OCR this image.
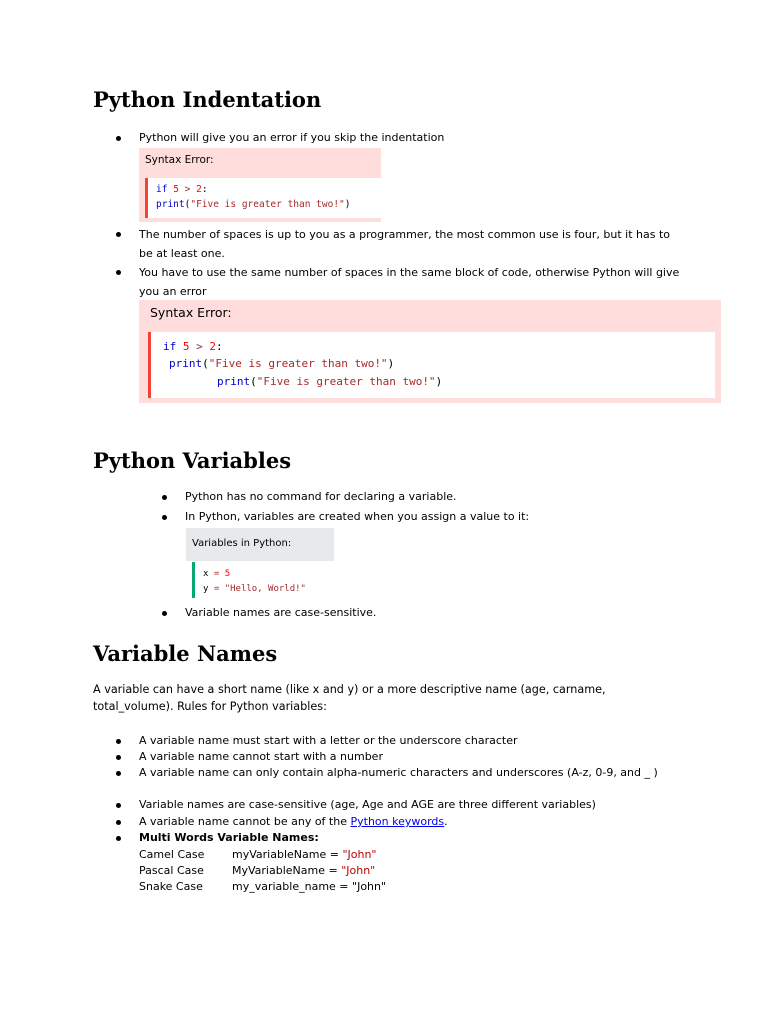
Python Indentation
Python will give you an error if you skip the indentation
Syntax Error:

if 5 > 2:

print("Five is greater than two!")

The number of spaces is up to you as a programmer, the most common use is four, but it has to be at least one.
You have to use the same number of spaces in the same block of code, otherwise Python will give you an error
Syntax Error:

if 5 > 2:

print("Five is greater than two!")

print("Five is greater than two!")

Python Variables
Python has no command for declaring a variable.
In Python, variables are created when you assign a value to it:
Variables in Python:

x = 5

y = "Hello, World!"

Variable names are case-sensitive.
Variable Names
A variable can have a short name (like x and y) or a more descriptive name (age, carname, total_volume). Rules for Python variables:
A variable name must start with a letter or the underscore character
A variable name cannot start with a number
A variable name can only contain alpha-numeric characters and underscores (A-z, 0-9, and _ )
Variable names are case-sensitive (age, Age and AGE are three different variables)
A variable name cannot be any of the Python keywords.
Multi Words Variable Names:
Camel Case	myVariableName = "John"
Pascal Case	MyVariableName = "John"
Snake Case	my_variable_name = "John"
